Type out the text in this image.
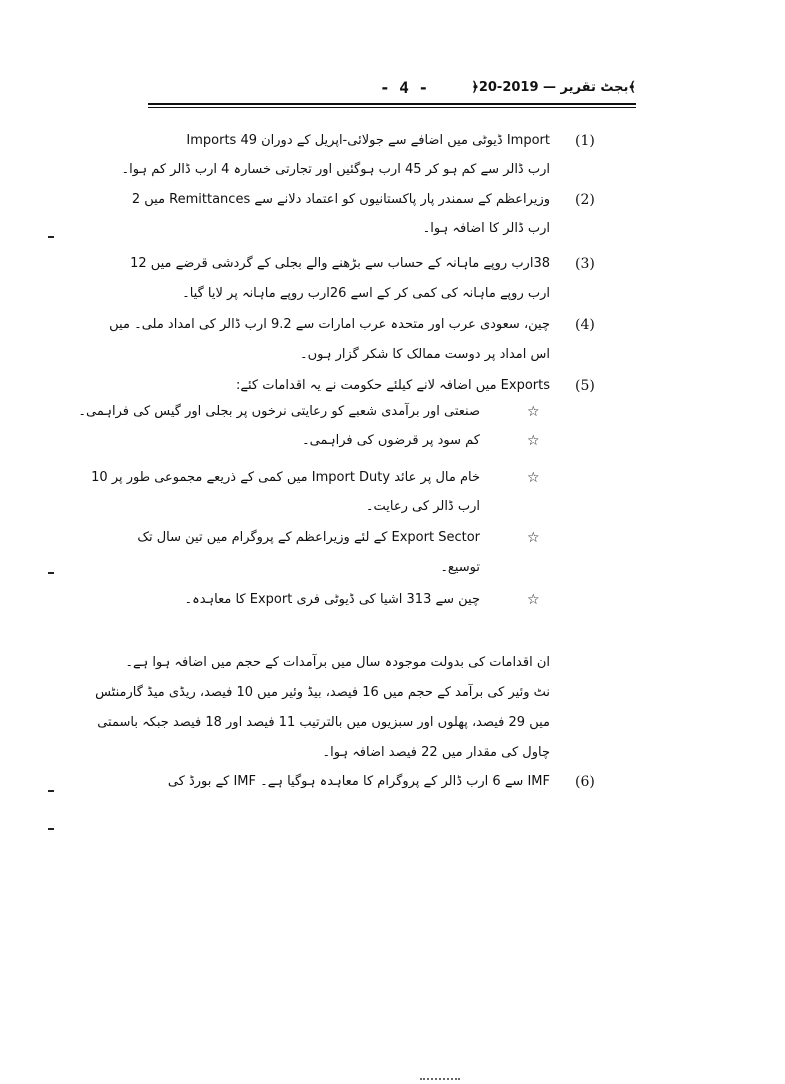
﴾بجٹ تقریر — 2019-20﴿
- 4 -
(1)
Import ڈیوٹی میں اضافے سے جولائی-اپریل کے دوران Imports 49
ارب ڈالر سے کم ہو کر 45 ارب ہوگئیں اور تجارتی خسارہ 4 ارب ڈالر کم ہوا۔
(2)
وزیراعظم کے سمندر پار پاکستانیوں کو اعتماد دلانے سے Remittances میں 2
ارب ڈالر کا اضافہ ہوا۔
(3)
38ارب روپے ماہانہ کے حساب سے بڑھنے والے بجلی کے گردشی قرضے میں 12
ارب روپے ماہانہ کی کمی کر کے اسے 26ارب روپے ماہانہ پر لایا گیا۔
(4)
چین، سعودی عرب اور متحدہ عرب امارات سے 9.2 ارب ڈالر کی امداد ملی۔ میں
اس امداد پر دوست ممالک کا شکر گزار ہوں۔
(5)
Exports میں اضافہ لانے کیلئے حکومت نے یہ اقدامات کئے:
☆
صنعتی اور برآمدی شعبے کو رعایتی نرخوں پر بجلی اور گیس کی فراہمی۔
☆
کم سود پر قرضوں کی فراہمی۔
☆
خام مال پر عائد Import Duty میں کمی کے ذریعے مجموعی طور پر 10
ارب ڈالر کی رعایت۔
☆
Export Sector کے لئے وزیراعظم کے پروگرام میں تین سال تک
توسیع۔
☆
چین سے 313 اشیا کی ڈیوٹی فری Export کا معاہدہ۔
ان اقدامات کی بدولت موجودہ سال میں برآمدات کے حجم میں اضافہ ہوا ہے۔
نٹ وئیر کی برآمد کے حجم میں 16 فیصد، بیڈ وئیر میں 10 فیصد، ریڈی میڈ گارمنٹس
میں 29 فیصد، پھلوں اور سبزیوں میں بالترتیب 11 فیصد اور 18 فیصد جبکہ باسمتی
چاول کی مقدار میں 22 فیصد اضافہ ہوا۔
(6)
IMF سے 6 ارب ڈالر کے پروگرام کا معاہدہ ہوگیا ہے۔ IMF کے بورڈ کی
